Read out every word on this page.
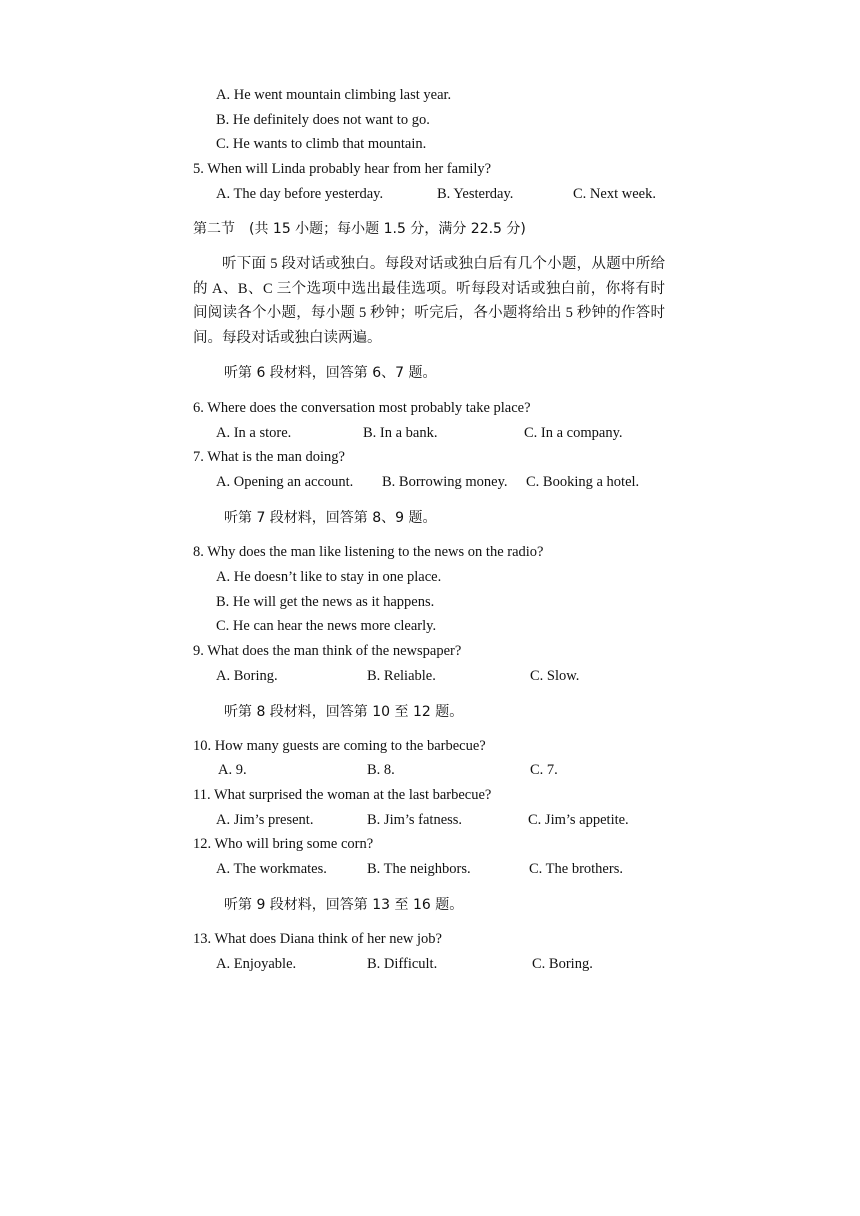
A. He went mountain climbing last year.
B. He definitely does not want to go.
C. He wants to climb that mountain.
5. When will Linda probably hear from her family?
A. The day before yesterday.	B. Yesterday.	C. Next week.
第二节　(共 15 小题；每小题 1.5 分，满分 22.5 分)
听下面 5 段对话或独白。每段对话或独白后有几个小题，从题中所给的 A、B、C 三个选项中选出最佳选项。听每段对话或独白前，你将有时间阅读各个小题，每小题 5 秒钟；听完后，各小题将给出 5 秒钟的作答时间。每段对话或独白读两遍。
听第 6 段材料，回答第 6、7 题。
6. Where does the conversation most probably take place?
A. In a store.	B. In a bank.	C. In a company.
7. What is the man doing?
A. Opening an account. B. Borrowing money. C. Booking a hotel.
听第 7 段材料，回答第 8、9 题。
8. Why does the man like listening to the news on the radio?
A. He doesn’t like to stay in one place.
B. He will get the news as it happens.
C. He can hear the news more clearly.
9. What does the man think of the newspaper?
A. Boring.	B. Reliable.	C. Slow.
听第 8 段材料，回答第 10 至 12 题。
10. How many guests are coming to the barbecue?
A. 9.	B. 8.	C. 7.
11. What surprised the woman at the last barbecue?
A. Jim’s present.	B. Jim’s fatness.	C. Jim’s appetite.
12. Who will bring some corn?
A. The workmates.	B. The neighbors.	C. The brothers.
听第 9 段材料，回答第 13 至 16 题。
13. What does Diana think of her new job?
A. Enjoyable.	B. Difficult.	C. Boring.
